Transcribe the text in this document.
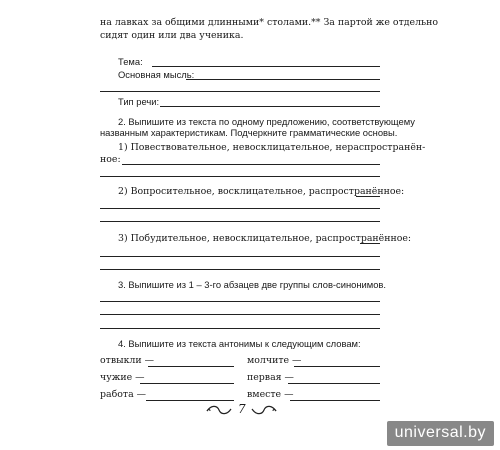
на лавках за общими длинными* столами.** За партой же отдельно
сидят один или два ученика.
Тема:
Основная мысль:
Тип речи:
2. Выпишите из текста по одному предложению, соответствующему
названным характеристикам. Подчеркните грамматические основы.
1) Повествовательное, невосклицательное, нераспространён-
ное:
2) Вопросительное, восклицательное, распространённое:
3) Побудительное, невосклицательное, распространённое:
3. Выпишите из 1 – 3-го абзацев две группы слов-синонимов.
4. Выпишите из текста антонимы к следующим словам:
отвыкли —	молчите —
чужие —	первая —
работа —	вместе —
7
universal.by
